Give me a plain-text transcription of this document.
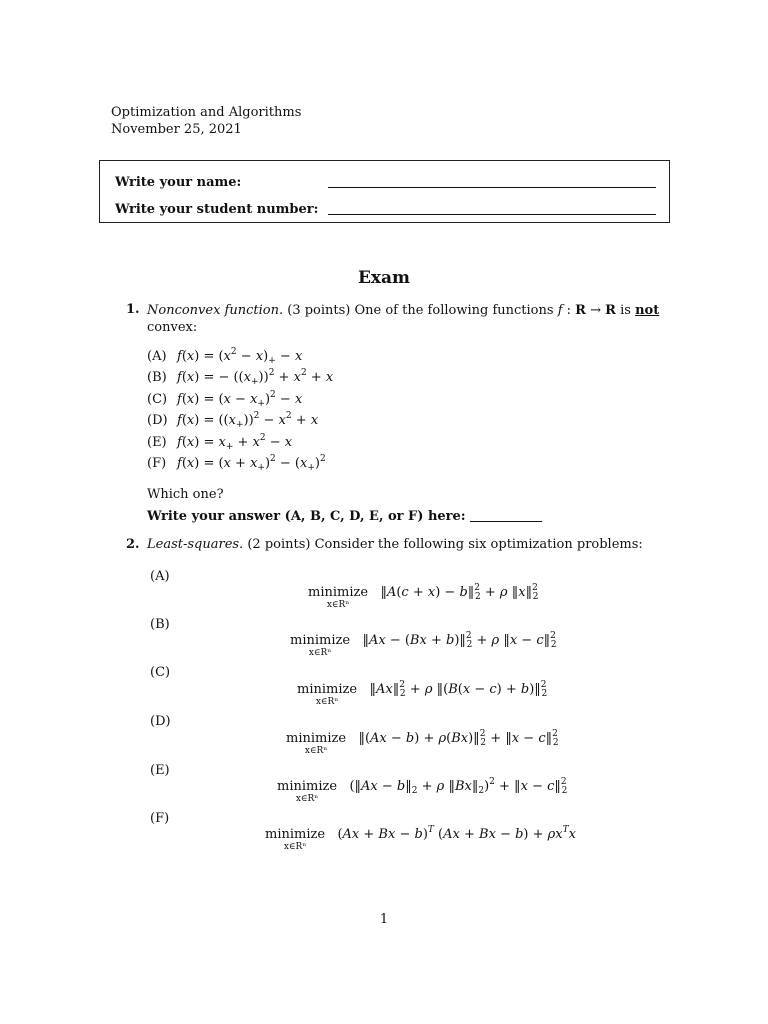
Optimization and Algorithms
November 25, 2021
Write your name:
Write your student number:
Exam
1. Nonconvex function. (3 points) One of the following functions f : R → R is not
convex:
(A) $f(x) = (x^2 - x)_+ - x$
(B) f(x) = − $((x_+))^2 + x^2 + x$
(C) $f(x) = (x - x_+)^2 - x$
(D) $f(x) = ((x_+))^2 - x^2 + x$
(E) $f(x) = x_+ + x^2 - x$
(F) $f(x) = (x + x_+)^2 - (x_+)^2$
Which one?
Write your answer (A, B, C, D, E, or F) here:
2. Least-squares. (2 points) Consider the following six optimization problems:
(A)
minimize
x∈Rⁿ
‖A(c + x) − b‖$^2_2$ + ρ ‖x‖$^2_2$
(B)
minimize
x∈Rⁿ
‖Ax − (Bx + b)‖$^2_2$ + ρ ‖x − c‖$^2_2$
(C)
minimize
x∈Rⁿ
‖Ax‖$^2_2$ + ρ ‖(B(x − c) + b)‖$^2_2$
(D)
minimize
x∈Rⁿ
‖(Ax − b) + ρ(Bx)‖$^2_2$ + ‖x − c‖$^2_2$
(E)
minimize
x∈Rⁿ
(‖Ax − $b‖_2 + \rho$ $‖Bx‖_2)^2$ + ‖x − c‖$^2_2$
(F)
minimize
x∈Rⁿ
$(Ax + Bx - b)^T$ $(Ax + Bx - b) + \rho x^Tx$
1
